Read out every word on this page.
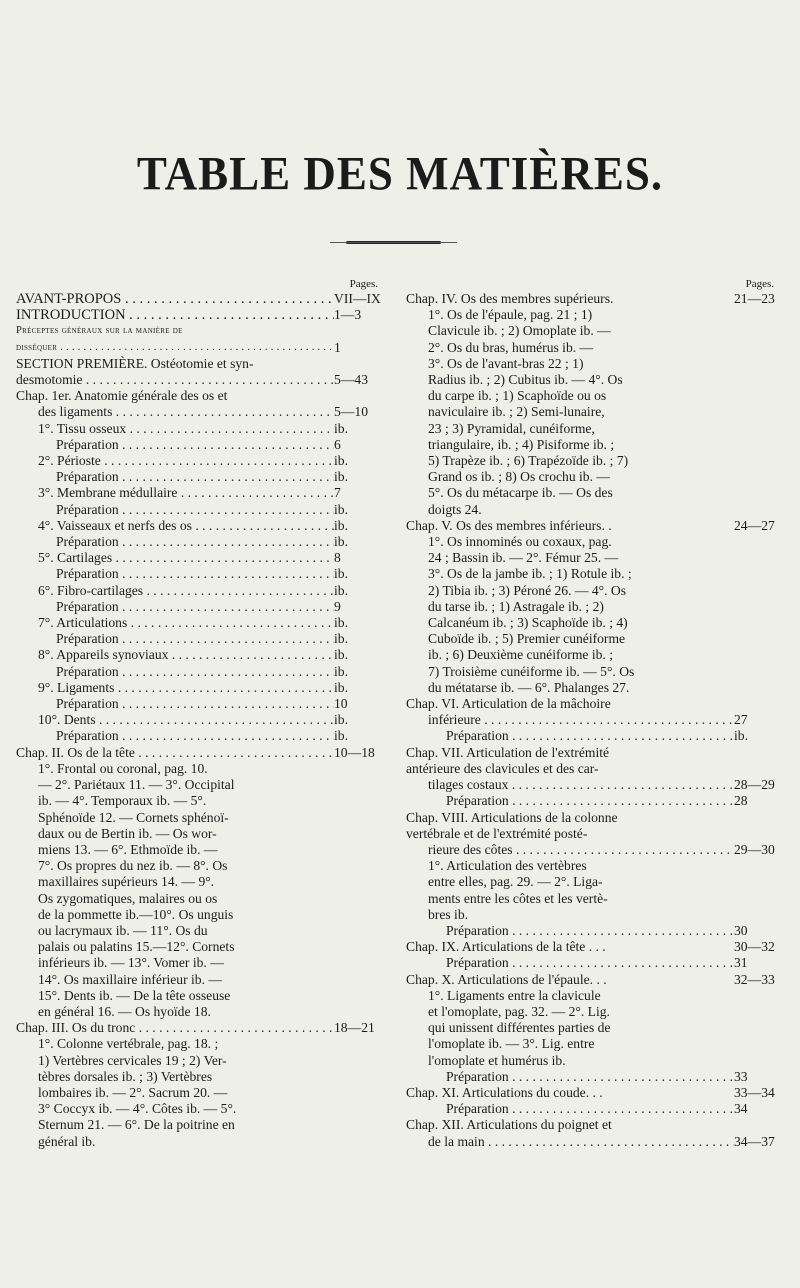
TABLE DES MATIÈRES.
Pages.
AVANT-PROPOS . . .	VII—IX
INTRODUCTION . . .	1—3
Préceptes généraux sur la manière de
disséquer . . .	1
SECTION PREMIÈRE. Ostéotomie et syn-
desmotomie . . .	5—43
Chap. 1er. Anatomie générale des os et
des ligaments . . .	5—10
1°. Tissu osseux . . .	ib.
Préparation . . .	6
2°. Périoste . . .	ib.
Préparation . . .	ib.
3°. Membrane médullaire . . .	7
Préparation . . .	ib.
4°. Vaisseaux et nerfs des os . . .	ib.
Préparation . . .	ib.
5°. Cartilages . . .	8
Préparation . . .	ib.
6°. Fibro-cartilages . . .	ib.
Préparation . . .	9
7°. Articulations . . .	ib.
Préparation . . .	ib.
8°. Appareils synoviaux . . .	ib.
Préparation . . .	ib.
9°. Ligaments . . .	ib.
Préparation . . .	10
10°. Dents . . .	ib.
Préparation . . .	ib.
Chap. II. Os de la tête . . .	10—18
1°. Frontal ou coronal, pag. 10.
— 2°. Pariétaux 11. — 3°. Occipital
ib. — 4°. Temporaux ib. — 5°.
Sphénoïde 12. — Cornets sphénoï-
daux ou de Bertin ib. — Os wor-
miens 13. — 6°. Ethmoïde ib. —
7°. Os propres du nez ib. — 8°. Os
maxillaires supérieurs 14. — 9°.
Os zygomatiques, malaires ou os
de la pommette ib.—10°. Os unguis
ou lacrymaux ib. — 11°. Os du
palais ou palatins 15.—12°. Cornets
inférieurs ib. — 13°. Vomer ib. —
14°. Os maxillaire inférieur ib. —
15°. Dents ib. — De la tête osseuse
en général 16. — Os hyoïde 18.
Chap. III. Os du tronc . . .	18—21
1°. Colonne vertébrale, pag. 18. ;
1) Vertèbres cervicales 19 ; 2) Ver-
tèbres dorsales ib. ; 3) Vertèbres
lombaires ib. — 2°. Sacrum 20. —
3° Coccyx ib. — 4°. Côtes ib. — 5°.
Sternum 21. — 6°. De la poitrine en
général ib.
Pages.
Chap. IV. Os des membres supérieurs.	21—23
1°. Os de l'épaule, pag. 21 ; 1)
Clavicule ib. ; 2) Omoplate ib. —
2°. Os du bras, humérus ib. —
3°. Os de l'avant-bras 22 ; 1)
Radius ib. ; 2) Cubitus ib. — 4°. Os
du carpe ib. ; 1) Scaphoïde ou os
naviculaire ib. ; 2) Semi-lunaire,
23 ; 3) Pyramidal, cunéiforme,
triangulaire, ib. ; 4) Pisiforme ib. ;
5) Trapèze ib. ; 6) Trapézoïde ib. ; 7)
Grand os ib. ; 8) Os crochu ib. —
5°. Os du métacarpe ib. — Os des
doigts 24.
Chap. V. Os des membres inférieurs. .	24—27
1°. Os innominés ou coxaux, pag.
24 ; Bassin ib. — 2°. Fémur 25. —
3°. Os de la jambe ib. ; 1) Rotule ib. ;
2) Tibia ib. ; 3) Péroné 26. — 4°. Os
du tarse ib. ; 1) Astragale ib. ; 2)
Calcanéum ib. ; 3) Scaphoïde ib. ; 4)
Cuboïde ib. ; 5) Premier cunéiforme
ib. ; 6) Deuxième cunéiforme ib. ;
7) Troisième cunéiforme ib. — 5°. Os
du métatarse ib. — 6°. Phalanges 27.
Chap. VI. Articulation de la mâchoire
inférieure . . .	27
Préparation . . .	ib.
Chap. VII. Articulation de l'extrémité
antérieure des clavicules et des car-
tilages costaux . . .	28—29
Préparation . . .	28
Chap. VIII. Articulations de la colonne
vertébrale et de l'extrémité posté-
rieure des côtes . . .	29—30
1°. Articulation des vertèbres
entre elles, pag. 29. — 2°. Liga-
ments entre les côtes et les vertè-
bres ib.
Préparation . . .	30
Chap. IX. Articulations de la tête . . .	30—32
Préparation . . .	31
Chap. X. Articulations de l'épaule. . .	32—33
1°. Ligaments entre la clavicule
et l'omoplate, pag. 32. — 2°. Lig.
qui unissent différentes parties de
l'omoplate ib. — 3°. Lig. entre
l'omoplate et humérus ib.
Préparation . . .	33
Chap. XI. Articulations du coude. . .	33—34
Préparation . . .	34
Chap. XII. Articulations du poignet et
de la main . . .	34—37
